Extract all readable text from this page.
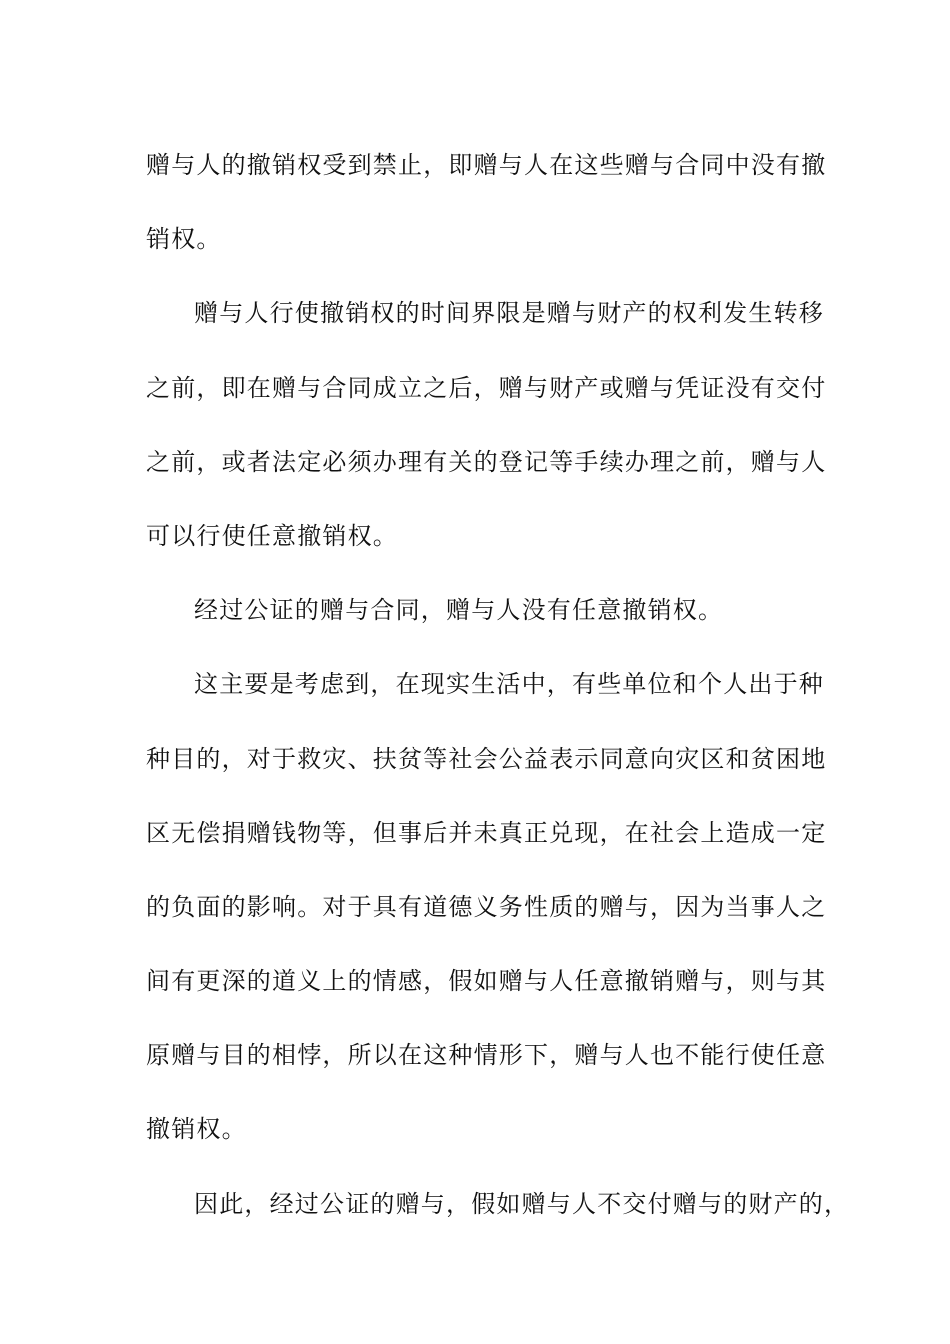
赠与人的撤销权受到禁止，即赠与人在这些赠与合同中没有撤
销权。
赠与人行使撤销权的时间界限是赠与财产的权利发生转移
之前，即在赠与合同成立之后，赠与财产或赠与凭证没有交付
之前，或者法定必须办理有关的登记等手续办理之前，赠与人
可以行使任意撤销权。
经过公证的赠与合同，赠与人没有任意撤销权。
这主要是考虑到，在现实生活中，有些单位和个人出于种
种目的，对于救灾、扶贫等社会公益表示同意向灾区和贫困地
区无偿捐赠钱物等，但事后并未真正兑现，在社会上造成一定
的负面的影响。对于具有道德义务性质的赠与，因为当事人之
间有更深的道义上的情感，假如赠与人任意撤销赠与，则与其
原赠与目的相悖，所以在这种情形下，赠与人也不能行使任意
撤销权。
因此，经过公证的赠与，假如赠与人不交付赠与的财产的，
